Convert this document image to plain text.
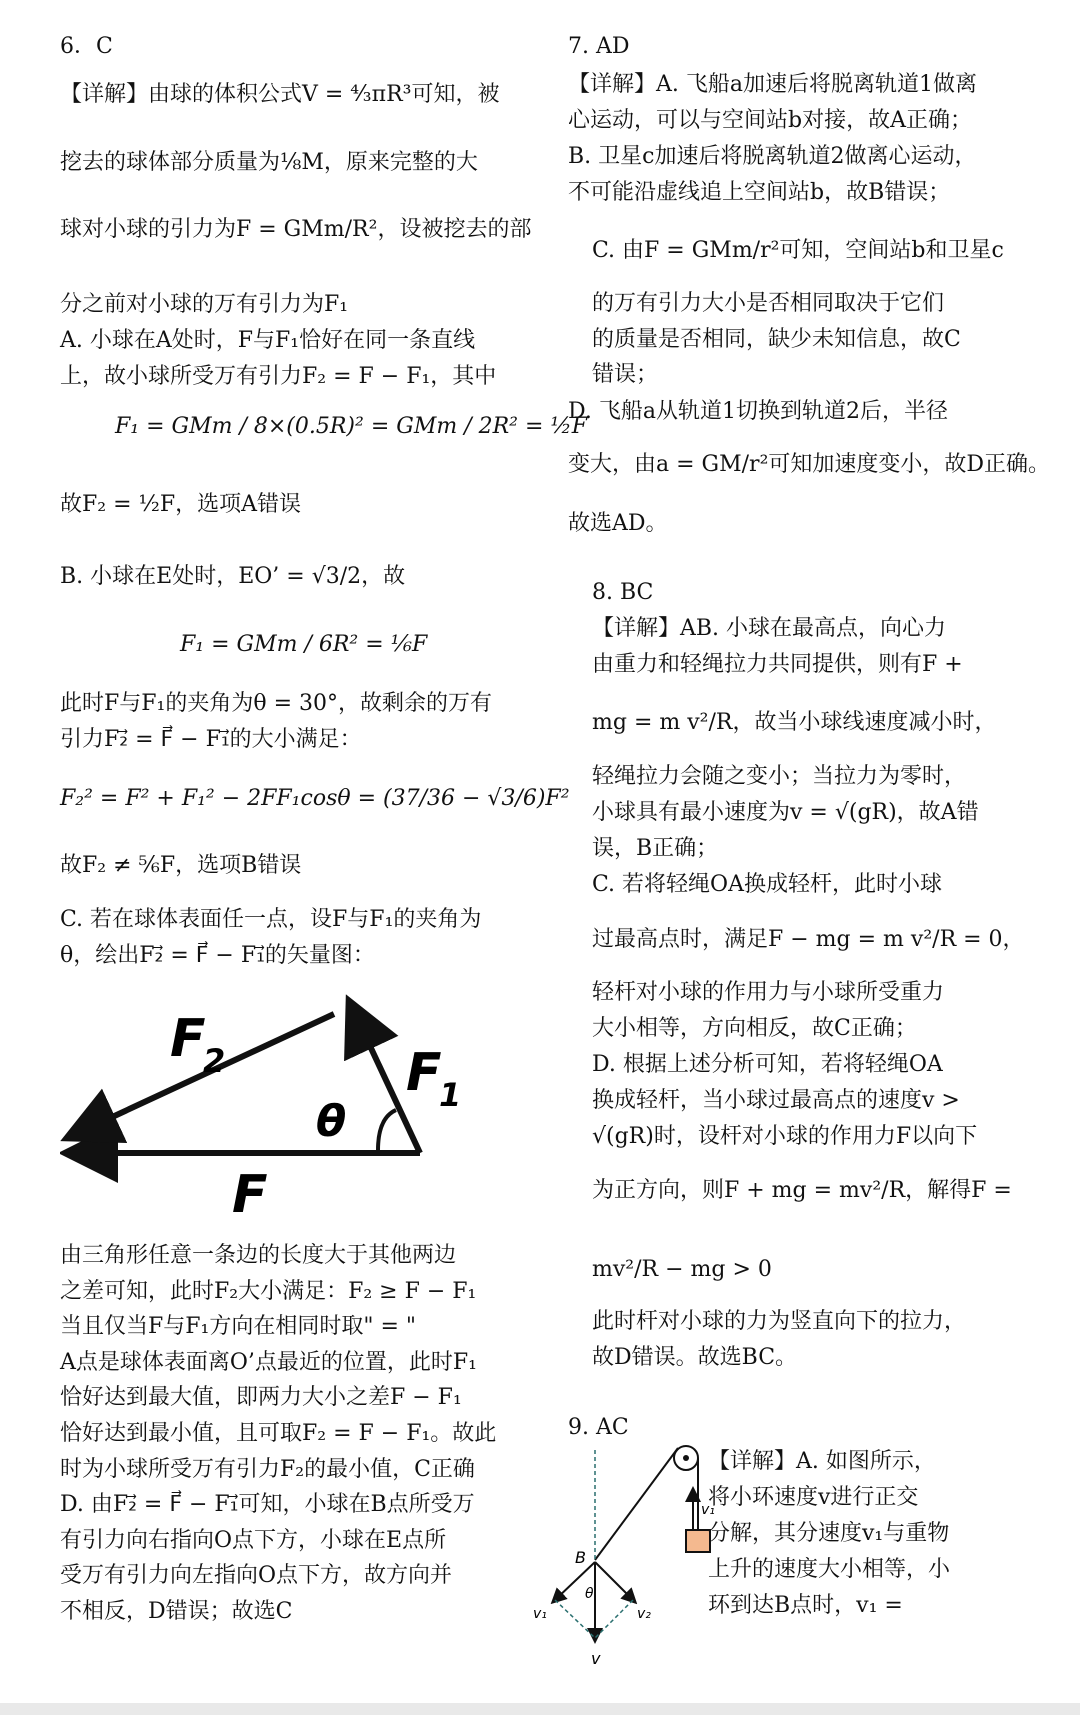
6．C
【详解】由球的体积公式V = ⁴⁄₃πR³可知，被
挖去的球体部分质量为⅛M，原来完整的大
球对小球的引力为F = GMm/R²，设被挖去的部
分之前对小球的万有引力为F₁
A. 小球在A处时，F与F₁恰好在同一条直线
上，故小球所受万有引力F₂ = F − F₁，其中
F₁ = GMm / 8×(0.5R)² = GMm / 2R² = ½F
故F₂ = ½F，选项A错误
B. 小球在E处时，EO’ = √3/2，故
F₁ = GMm / 6R² = ⅙F
此时F与F₁的夹角为θ = 30°，故剩余的万有
引力F₂⃗ = F⃗ − F₁⃗的大小满足：
F₂² = F² + F₁² − 2FF₁cosθ = (37/36 − √3/6)F²
故F₂ ≠ ⅚F，选项B错误
C. 若在球体表面任一点，设F与F₁的夹角为
θ，绘出F₂⃗ = F⃗ − F₁⃗的矢量图：
F
2	F
1
θ
F
由三角形任意一条边的长度大于其他两边
之差可知，此时F₂大小满足：F₂ ≥ F − F₁
当且仅当F与F₁方向在相同时取" = "
A点是球体表面离O’点最近的位置，此时F₁
恰好达到最大值，即两力大小之差F − F₁
恰好达到最小值，且可取F₂ = F − F₁。故此
时为小球所受万有引力F₂的最小值，C正确
D. 由F₂⃗ = F⃗ − F₁⃗可知，小球在B点所受万
有引力向右指向O点下方，小球在E点所
受万有引力向左指向O点下方，故方向并
不相反，D错误；故选C
7. AD
【详解】A. 飞船a加速后将脱离轨道1做离
心运动，可以与空间站b对接，故A正确；
B. 卫星c加速后将脱离轨道2做离心运动，
不可能沿虚线追上空间站b，故B错误；
C. 由F = GMm/r²可知，空间站b和卫星c
的万有引力大小是否相同取决于它们
的质量是否相同，缺少未知信息，故C
错误；
D. 飞船a从轨道1切换到轨道2后，半径
变大，由a = GM/r²可知加速度变小，故D正确。
故选AD。
8. BC
【详解】AB. 小球在最高点，向心力
由重力和轻绳拉力共同提供，则有F +
mg = m v²/R，故当小球线速度减小时，
轻绳拉力会随之变小；当拉力为零时，
小球具有最小速度为v = √(gR)，故A错
误，B正确；
C. 若将轻绳OA换成轻杆，此时小球
过最高点时，满足F − mg = m v²/R = 0，
轻杆对小球的作用力与小球所受重力
大小相等，方向相反，故C正确；
D. 根据上述分析可知，若将轻绳OA
换成轻杆，当小球过最高点的速度v >
√(gR)时，设杆对小球的作用力F以向下
为正方向，则F + mg = mv²/R，解得F =
mv²/R − mg > 0
此时杆对小球的力为竖直向下的拉力，
故D错误。故选BC。
9. AC
v₁
B
v
v₁	v₂
θ
【详解】A. 如图所示，
将小环速度v进行正交
分解，其分速度v₁与重物
上升的速度大小相等，小
环到达B点时，v₁ =
